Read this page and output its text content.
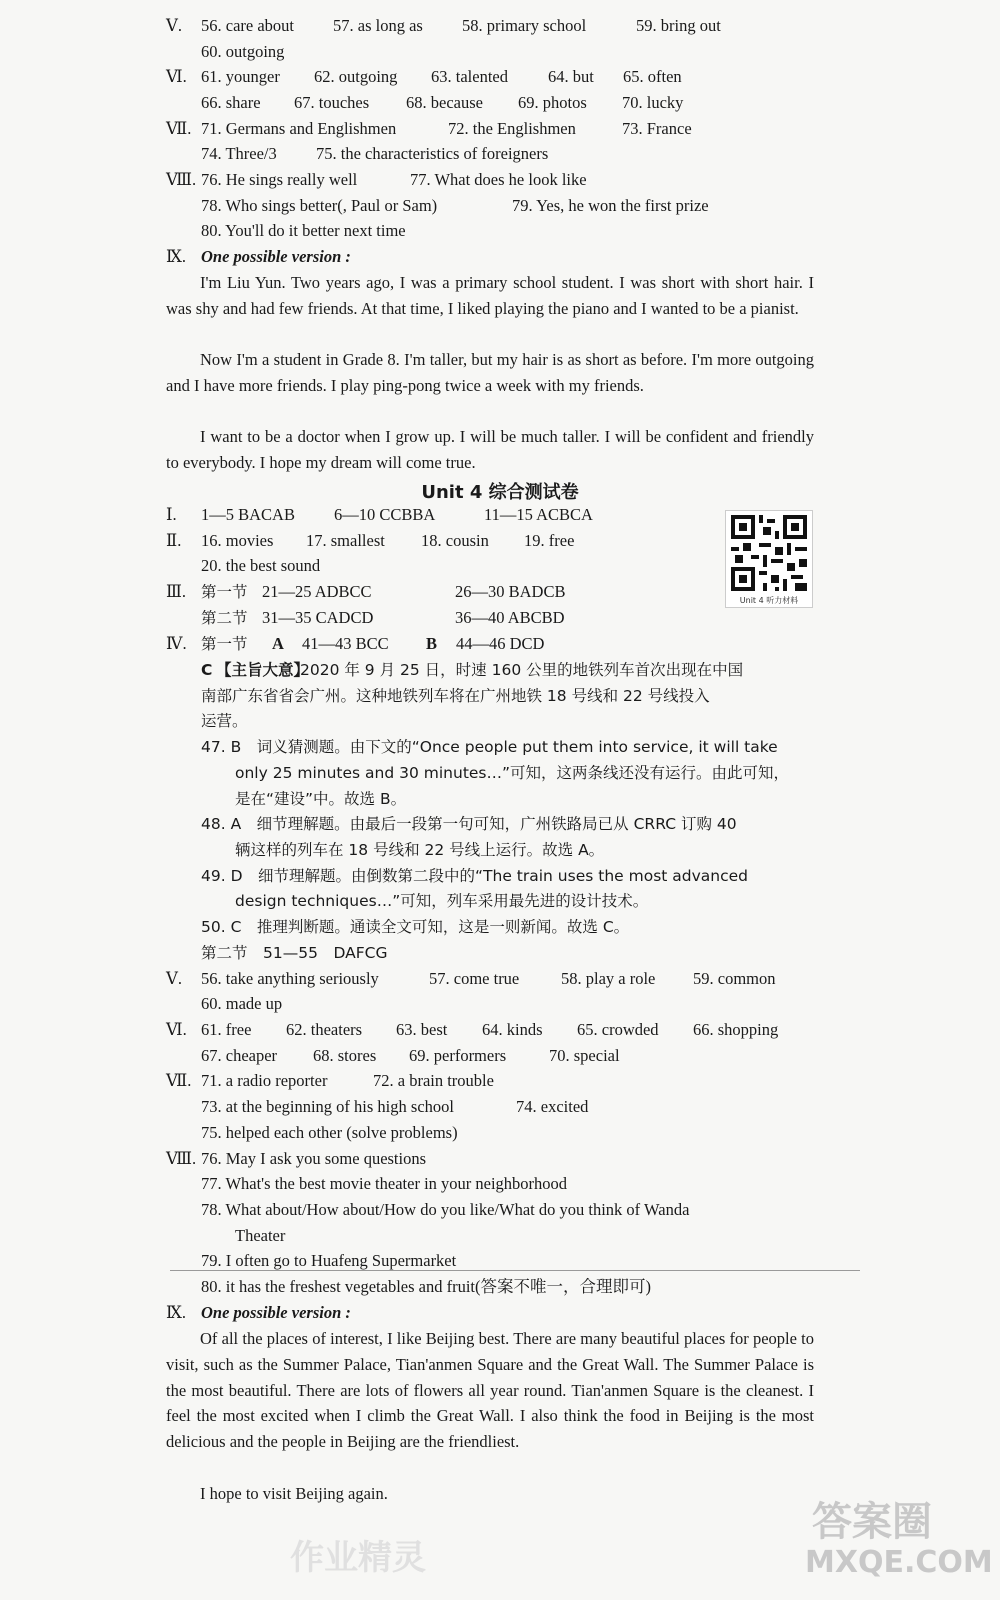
Ⅴ.	56. care about 57. as long as 58. primary school	59. bring out
60. outgoing
Ⅵ. 61. younger 62. outgoing 63. talented 64. but 65. often
66. share 67. touches 68. because 69. photos 70. lucky
Ⅶ. 71. Germans and Englishmen	72. the Englishmen	73. France
74. Three/3 75. the characteristics of foreigners
Ⅷ. 76. He sings really well	77. What does he look like
78. Who sings better(, Paul or Sam)	79. Yes, he won the first prize
80. You'll do it better next time
Ⅸ. One possible version :
I'm Liu Yun. Two years ago, I was a primary school student. I was short with short hair. I was shy and had few friends. At that time, I liked playing the piano and I wanted to be a pianist.
Now I'm a student in Grade 8. I'm taller, but my hair is as short as before. I'm more outgoing and I have more friends. I play ping-pong twice a week with my friends.
I want to be a doctor when I grow up. I will be much taller. I will be confident and friendly to everybody. I hope my dream will come true.
Unit 4 综合测试卷
Unit 4 听力材料
Ⅰ.	1—5 BACAB 6—10 CCBBA	11—15 ACBCA
Ⅱ.	16. movies 17. smallest 18. cousin 19. free
20. the best sound
Ⅲ. 第一节 21—25 ADBCC	26—30 BADCB
第二节 31—35 CADCD	36—40 ABCBD
Ⅳ. 第一节 A 41—43 BCC B 44—46 DCD
C 【主旨大意】
2020 年 9 月 25 日，时速 160 公里的地铁列车首次出现在中国
南部广东省省会广州。这种地铁列车将在广州地铁 18 号线和 22 号线投入
运营。
47. B　词义猜测题。由下文的“Once people put them into service, it will take
only 25 minutes and 30 minutes…”可知，这两条线还没有运行。由此可知，
是在“建设”中。故选 B。
48. A　细节理解题。由最后一段第一句可知，广州铁路局已从 CRRC 订购 40
辆这样的列车在 18 号线和 22 号线上运行。故选 A。
49. D　细节理解题。由倒数第二段中的“The train uses the most advanced
design techniques…”可知，列车采用最先进的设计技术。
50. C　推理判断题。通读全文可知，这是一则新闻。故选 C。
第二节　51—55　DAFCG
Ⅴ.	56. take anything seriously	57. come true	58. play a role 59. common
60. made up
Ⅵ. 61. free 62. theaters 63. best 64. kinds 65. crowded 66. shopping
67. cheaper 68. stores 69. performers	70. special
Ⅶ. 71. a radio reporter	72. a brain trouble
73. at the beginning of his high school	74. excited
75. helped each other (solve problems)
Ⅷ. 76. May I ask you some questions
77. What's the best movie theater in your neighborhood
78. What about/How about/How do you like/What do you think of Wanda
Theater
79. I often go to Huafeng Supermarket
80. it has the freshest vegetables and fruit(答案不唯一，合理即可)
Ⅸ. One possible version :
Of all the places of interest, I like Beijing best. There are many beautiful places for people to visit, such as the Summer Palace, Tian'anmen Square and the Great Wall. The Summer Palace is the most beautiful. There are lots of flowers all year round. Tian'anmen Square is the cleanest. I feel the most excited when I climb the Great Wall. I also think the food in Beijing is the most delicious and the people in Beijing are the friendliest.
I hope to visit Beijing again.
作业精灵
答案圈
MXQE.COM
